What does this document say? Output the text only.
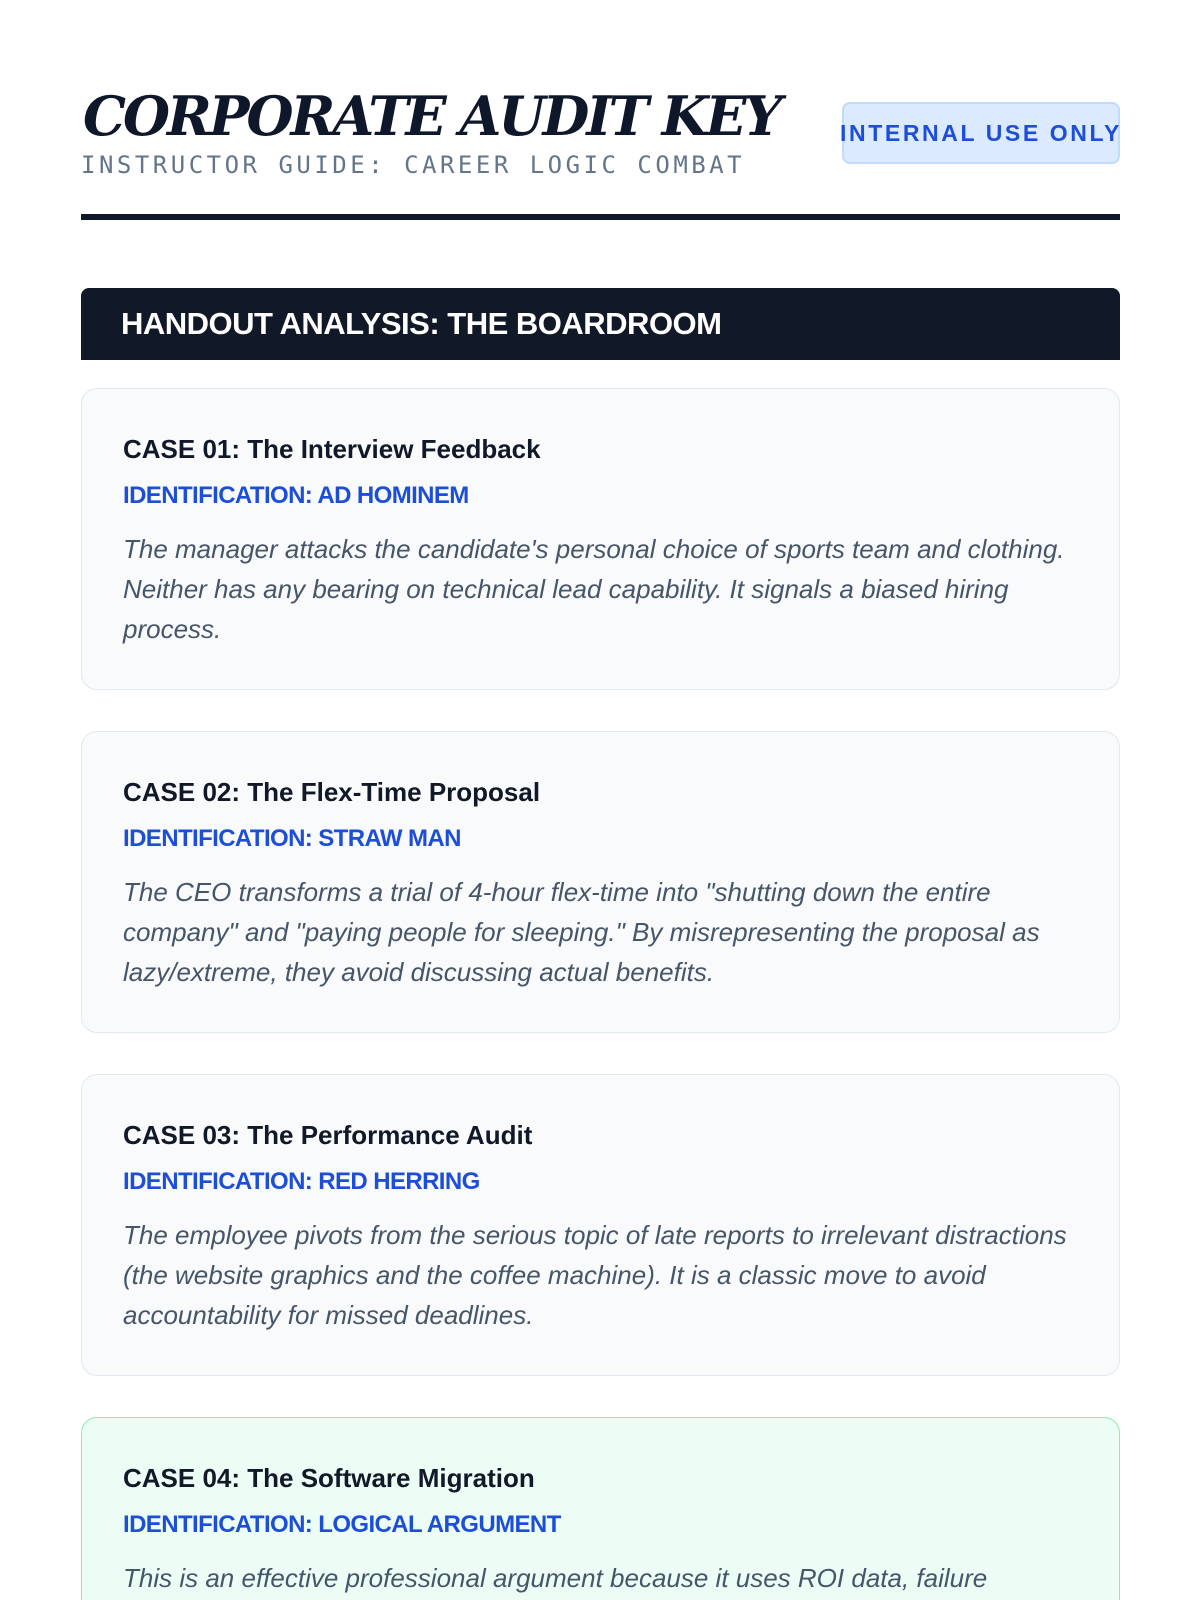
CORPORATE AUDIT KEY
INSTRUCTOR GUIDE: CAREER LOGIC COMBAT
INTERNAL USE ONLY
HANDOUT ANALYSIS: THE BOARDROOM
CASE 01: The Interview Feedback
IDENTIFICATION: AD HOMINEM
The manager attacks the candidate's personal choice of sports team and clothing. Neither has any bearing on technical lead capability. It signals a biased hiring process.
CASE 02: The Flex-Time Proposal
IDENTIFICATION: STRAW MAN
The CEO transforms a trial of 4-hour flex-time into "shutting down the entire company" and "paying people for sleeping." By misrepresenting the proposal as lazy/extreme, they avoid discussing actual benefits.
CASE 03: The Performance Audit
IDENTIFICATION: RED HERRING
The employee pivots from the serious topic of late reports to irrelevant distractions (the website graphics and the coffee machine). It is a classic move to avoid accountability for missed deadlines.
CASE 04: The Software Migration
IDENTIFICATION: LOGICAL ARGUMENT
This is an effective professional argument because it uses ROI data, failure
